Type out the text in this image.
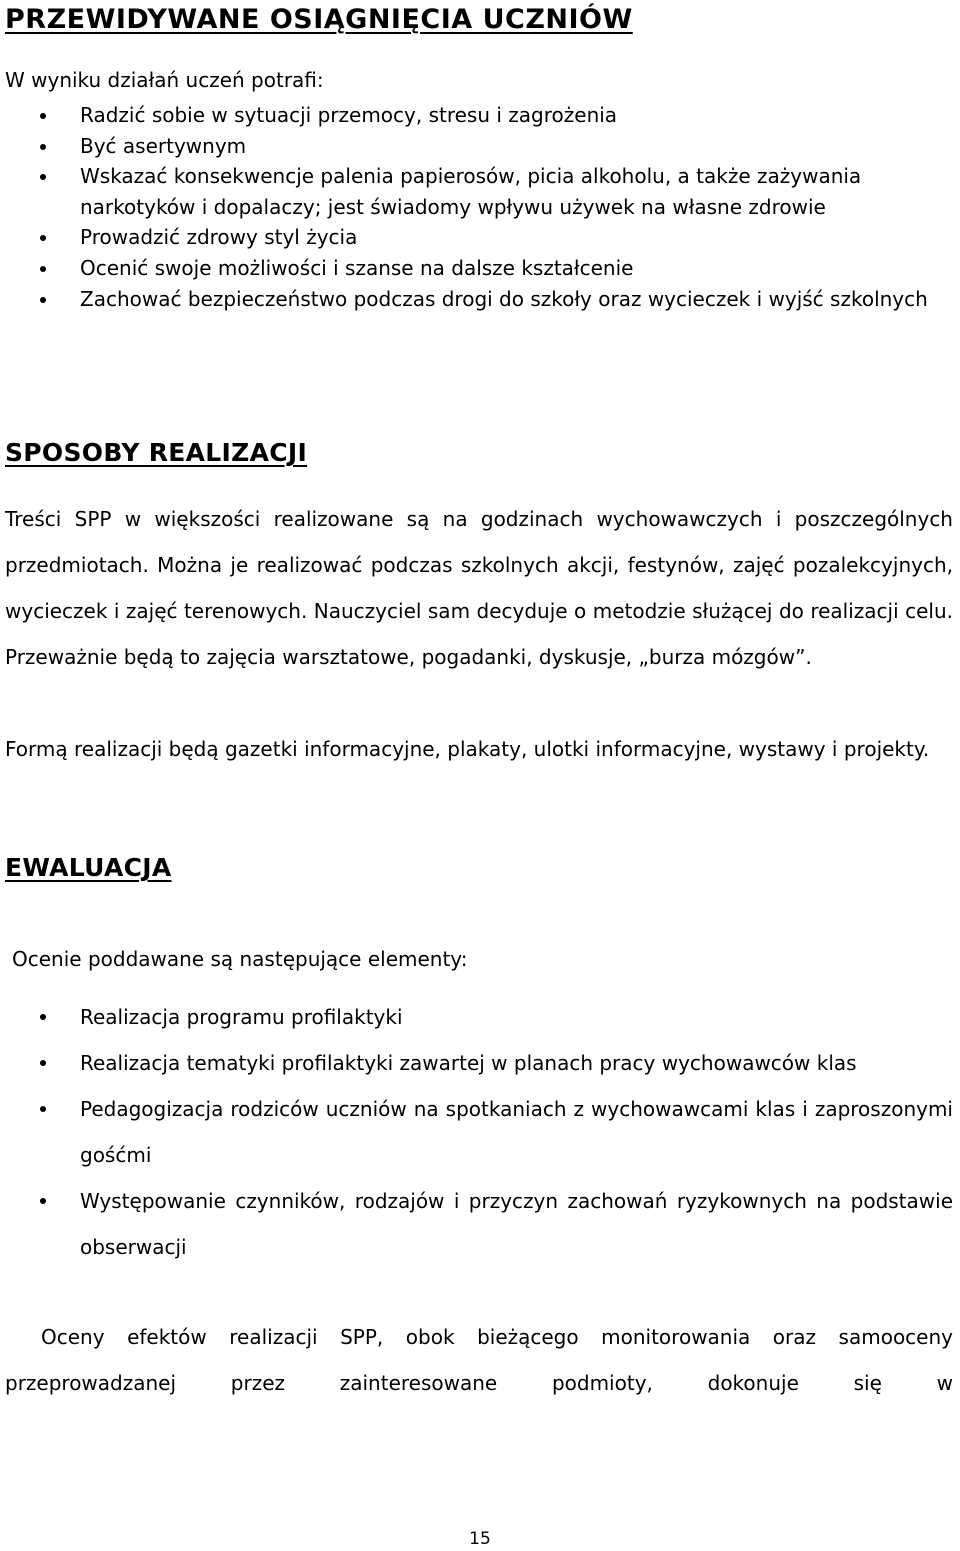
PRZEWIDYWANE OSIĄGNIĘCIA UCZNIÓW
W wyniku działań uczeń potrafi:
Radzić sobie w sytuacji przemocy, stresu i zagrożenia
Być asertywnym
Wskazać konsekwencje palenia papierosów, picia alkoholu, a także zażywania narkotyków i dopalaczy; jest świadomy wpływu używek na własne zdrowie
Prowadzić zdrowy styl życia
Ocenić swoje możliwości i szanse na dalsze kształcenie
Zachować bezpieczeństwo podczas drogi do szkoły oraz wycieczek i wyjść szkolnych
SPOSOBY REALIZACJI
Treści SPP w większości realizowane są na godzinach wychowawczych i poszczególnych przedmiotach. Można je realizować podczas szkolnych akcji, festynów, zajęć pozalekcyjnych, wycieczek i zajęć terenowych. Nauczyciel sam decyduje o metodzie służącej do realizacji celu. Przeważnie będą to zajęcia warsztatowe, pogadanki, dyskusje, „burza mózgów”.
Formą realizacji będą gazetki informacyjne, plakaty, ulotki informacyjne, wystawy i projekty.
EWALUACJA
Ocenie poddawane są następujące elementy:
Realizacja programu profilaktyki
Realizacja tematyki profilaktyki zawartej w planach pracy wychowawców klas
Pedagogizacja rodziców uczniów na spotkaniach z wychowawcami klas i zaproszonymi gośćmi
Występowanie czynników, rodzajów i przyczyn zachowań ryzykownych na podstawie obserwacji
Oceny efektów realizacji SPP, obok bieżącego monitorowania oraz samooceny przeprowadzanej przez zainteresowane podmioty, dokonuje się w
15
